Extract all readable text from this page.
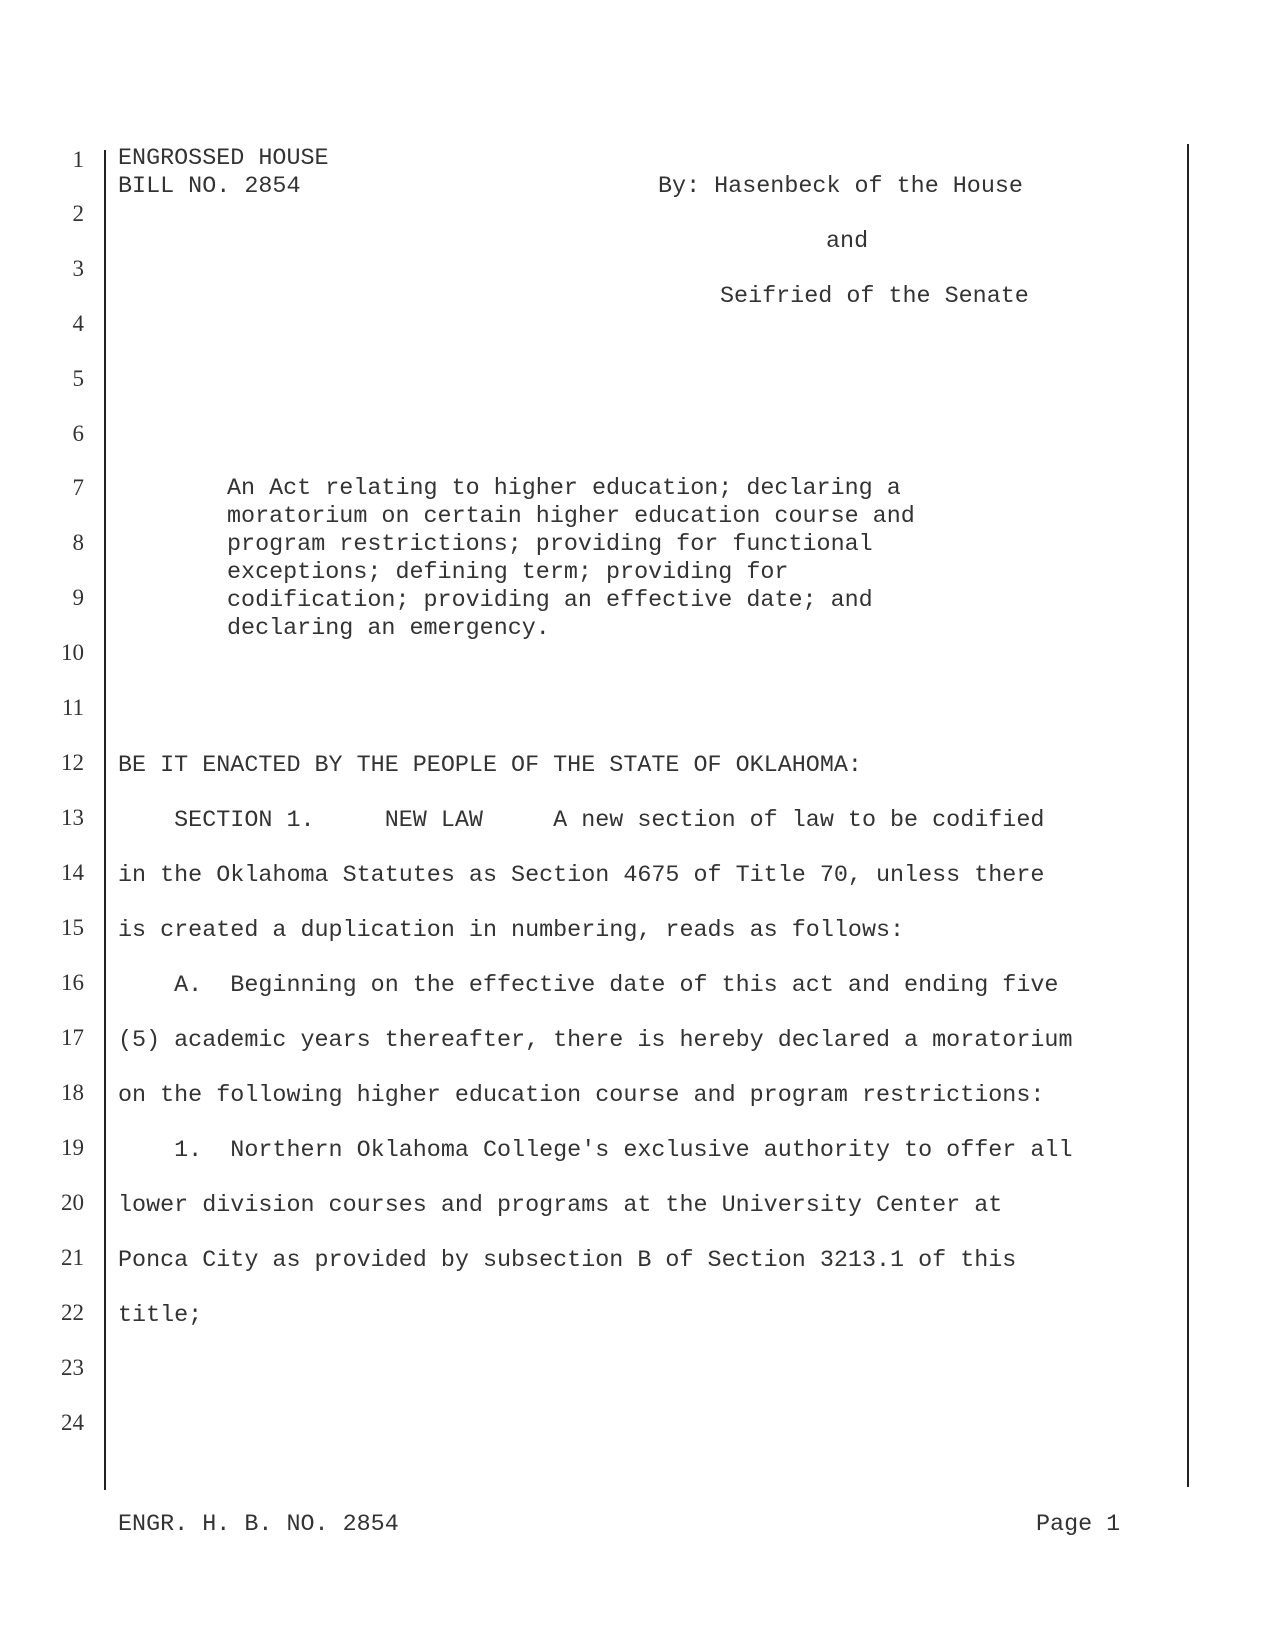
1
2
3
4
5
6
7
8
9
10
11
12
13
14
15
16
17
18
19
20
21
22
23
24
ENGROSSED HOUSE
BILL NO. 2854	By: Hasenbeck of the House
and
Seifried of the Senate
An Act relating to higher education; declaring a
moratorium on certain higher education course and
program restrictions; providing for functional
exceptions; defining term; providing for
codification; providing an effective date; and
declaring an emergency.
BE IT ENACTED BY THE PEOPLE OF THE STATE OF OKLAHOMA:
SECTION 1.     NEW LAW     A new section of law to be codified
in the Oklahoma Statutes as Section 4675 of Title 70, unless there
is created a duplication in numbering, reads as follows:
A.  Beginning on the effective date of this act and ending five
(5) academic years thereafter, there is hereby declared a moratorium
on the following higher education course and program restrictions:
1.  Northern Oklahoma College's exclusive authority to offer all
lower division courses and programs at the University Center at
Ponca City as provided by subsection B of Section 3213.1 of this
title;
ENGR. H. B. NO. 2854	Page 1
